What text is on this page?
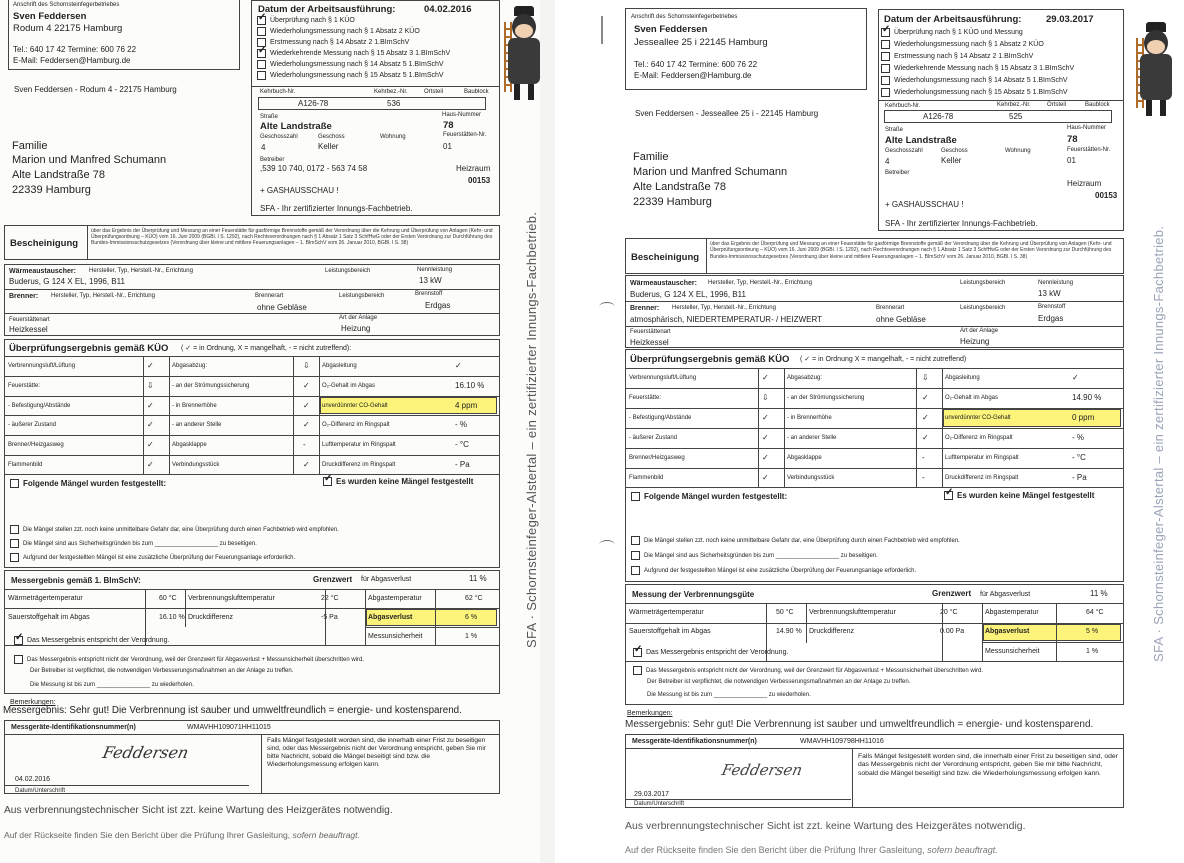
Anschrift des Schornsteinfegerbetriebes
Sven Feddersen
Rodum 4 22175 Hamburg
Tel.: 640 17 42 Termine: 600 76 22
E-Mail: Feddersen@Hamburg.de
Sven Feddersen - Rodum 4 - 22175 Hamburg
Familie
Marion und Manfred Schumann
Alte Landstraße 78
22339 Hamburg
Datum der Arbeitsausführung:	04.02.2016
✓Überprüfung nach § 1 KÜO
Wiederholungsmessung nach § 1 Absatz 2 KÜO
Erstmessung nach § 14 Absatz 2 1.BImSchV
✓Wiederkehrende Messung nach § 15 Absatz 3 1.BImSchV
Wiederholungsmessung nach § 14 Absatz 5 1.BImSchV
Wiederholungsmessung nach § 15 Absatz 5 1.BImSchV
Kehrbuch-Nr.	Kehrbez.-Nr.	Ortsteil	Baublock
A126-78	536
Straße	Haus-Nummer
Alte Landstraße	78
Geschosszahl	Geschoss	Wohnung	Feuerstätten-Nr.
4	Keller	01
Betreiber
,539 10 740, 0172 - 563 74 58	Heizraum
00153
+ GASHAUSSCHAU !
SFA - Ihr zertifizierter Innungs-Fachbetrieb.
Bescheinigung
über das Ergebnis der Überprüfung und Messung an einer Feuerstätte für gasförmige Brennstoffe gemäß der Verordnung über die Kehrung und Überprüfung von Anlagen (Kehr- und Überprüfungsordnung – KÜO) vom 16. Juni 2009 (BGBl. I S. 1292), nach Rechtsverordnungen nach § 1 Absatz 1 Satz 3 SchfHwG oder der Ersten Verordnung zur Durchführung des Bundes-Immissionsschutzgesetzes (Verordnung über kleine und mittlere Feuerungsanlagen – 1. BImSchV vom 26. Januar 2010, BGBl. I S. 38)
Wärmeaustauscher: Hersteller, Typ, Herstell.-Nr., Errichtung	Leistungsbereich	Nennleistung
Buderus, G 124 X EL, 1996, B11	13 kW
Brenner: Hersteller, Typ, Herstell.-Nr., Errichtung	Brennerart	Leistungsbereich	Brennstoff
ohne Gebläse	Erdgas
Feuerstättenart	Art der Anlage
Heizkessel	Heizung
Überprüfungsergebnis gemäß KÜO ( ✓ = in Ordnung, X = mangelhaft, - = nicht zutreffend):
Verbrennungsluft/Lüftung	✓	Abgasabzug:	⇩ Abgasleitung	✓
Feuerstätte:	⇩	- an der Strömungssicherung	✓ O₂-Gehalt im Abgas	16.10 %
- Befestigung/Abstände	✓	- in Brennerhöhe	✓ unverdünnter CO-Gehalt	4 ppm
- äußerer Zustand	✓	- an anderer Stelle	✓ O₂-Differenz im Ringspalt	- %
Brenner/Heizgasweg	✓	Abgasklappe	-	Lufttemperatur im Ringspalt	- °C
Flammenbild	✓	Verbindungsstück	✓ Druckdifferenz im Ringspalt	- Pa
Folgende Mängel wurden festgestellt: ✓	Es wurden keine Mängel festgestellt
Die Mängel stellen zzt. noch keine unmittelbare Gefahr dar, eine Überprüfung durch einen Fachbetrieb wird empfohlen.
Die Mängel sind aus Sicherheitsgründen bis zum ___________________ zu beseitigen.
Aufgrund der festgestellten Mängel ist eine zusätzliche Überprüfung der Feuerungsanlage erforderlich.
Messergebnis gemäß 1. BImSchV:	Grenzwert für Abgasverlust	11 %
Wärmeträgertemperatur	60 °C Verbrennungslufttemperatur	22 °C	Abgastemperatur	62 °C
Sauerstoffgehalt im Abgas	16.10 % Druckdifferenz	-5 Pa	Abgasverlust	6 %
Messunsicherheit	1 %
✓Das Messergebnis entspricht der Verordnung.
Das Messergebnis entspricht nicht der Verordnung, weil der Grenzwert für Abgasverlust + Messunsicherheit überschritten wird.
Der Betreiber ist verpflichtet, die notwendigen Verbesserungsmaßnahmen an der Anlage zu treffen.
Die Messung ist bis zum ________________ zu wiederholen.
Bemerkungen:
Messergebnis: Sehr gut! Die Verbrennung ist sauber und umweltfreundlich = energie- und kostensparend.
Messgeräte-Identifikationsnummer(n)	WMAVHH109071HH11015
Falls Mängel festgestellt worden sind, die innerhalb einer Frist zu beseitigen sind, oder das Messergebnis nicht der Verordnung entspricht, geben Sie mir bitte Nachricht, sobald die Mängel beseitigt sind bzw. die Wiederholungsmessung erfolgen kann.
Feddersen
04.02.2016
Datum/Unterschrift
Aus verbrennungstechnischer Sicht ist zzt. keine Wartung des Heizgerätes notwendig.
Auf der Rückseite finden Sie den Bericht über die Prüfung Ihrer Gasleitung, sofern beauftragt.
SFA · Schornsteinfeger-Alstertal – ein zertifizierter Innungs-Fachbetrieb.
Anschrift des Schornsteinfegerbetriebes
Sven Feddersen
Jesseallee 25 i 22145 Hamburg
Tel.: 640 17 42 Termine: 600 76 22
E-Mail: Feddersen@Hamburg.de
Sven Feddersen - Jesseallee 25 i - 22145 Hamburg
Familie
Marion und Manfred Schumann
Alte Landstraße 78
22339 Hamburg
Datum der Arbeitsausführung:	29.03.2017
✓Überprüfung nach § 1 KÜO und Messung
Wiederholungsmessung nach § 1 Absatz 2 KÜO
Erstmessung nach § 14 Absatz 2 1.BImSchV
Wiederkehrende Messung nach § 15 Absatz 3 1.BImSchV
Wiederholungsmessung nach § 14 Absatz 5 1.BImSchV
Wiederholungsmessung nach § 15 Absatz 5 1.BImSchV
Kehrbuch-Nr.	Kehrbez.-Nr.	Ortsteil	Baublock
A126-78	525
Straße	Haus-Nummer
Alte Landstraße	78
Geschosszahl	Geschoss	Wohnung	Feuerstätten-Nr.
4	Keller	01
Betreiber
Heizraum
00153
+ GASHAUSSCHAU !
SFA - Ihr zertifizierter Innungs-Fachbetrieb.
Bescheinigung
über das Ergebnis der Überprüfung und Messung an einer Feuerstätte für gasförmige Brennstoffe gemäß der Verordnung über die Kehrung und Überprüfung von Anlagen (Kehr- und Überprüfungsordnung – KÜO) vom 16. Juni 2009 (BGBl. I S. 1292), nach Rechtsverordnungen nach § 1 Absatz 1 Satz 3 SchfHwG oder der Ersten Verordnung zur Durchführung des Bundes-Immissionsschutzgesetzes (Verordnung über kleine und mittlere Feuerungsanlagen – 1. BImSchV vom 26. Januar 2010, BGBl. I S. 38)
Wärmeaustauscher: Hersteller, Typ, Herstell.-Nr., Errichtung	Leistungsbereich	Nennleistung
Buderus, G 124 X EL, 1996, B11	13 kW
Brenner: Hersteller, Typ, Herstell.-Nr., Errichtung	Brennerart	Leistungsbereich	Brennstoff
atmosphärisch, NIEDERTEMPERATUR- / HEIZWERT	ohne Gebläse	Erdgas
Feuerstättenart	Art der Anlage
Heizkessel	Heizung
Überprüfungsergebnis gemäß KÜO ( ✓ = in Ordnung X = mangelhaft, - = nicht zutreffend)
Verbrennungsluft/Lüftung	✓	Abgasabzug:	⇩	Abgasleitung	✓
Feuerstätte:	⇩	- an der Strömungssicherung	✓	O₂-Gehalt im Abgas	14.90 %
- Befestigung/Abstände	✓	- in Brennerhöhe	✓	unverdünnter CO-Gehalt	0 ppm
- äußerer Zustand	✓	- an anderer Stelle	✓	O₂-Differenz im Ringspalt	- %
Brenner/Heizgasweg	✓	Abgasklappe	-	Lufttemperatur im Ringspalt	- °C
Flammenbild	✓	Verbindungsstück	-	Druckdifferenz im Ringspalt	- Pa
Folgende Mängel wurden festgestellt: ✓	Es wurden keine Mängel festgestellt
Die Mängel stellen zzt. noch keine unmittelbare Gefahr dar, eine Überprüfung durch einen Fachbetrieb wird empfohlen.
Die Mängel sind aus Sicherheitsgründen bis zum ___________________ zu beseitigen.
Aufgrund der festgestellten Mängel ist eine zusätzliche Überprüfung der Feuerungsanlage erforderlich.
Messung der Verbrennungsgüte	Grenzwert für Abgasverlust	11 %
Wärmeträgertemperatur	50 °C Verbrennungslufttemperatur	20 °C	Abgastemperatur	64 °C
Sauerstoffgehalt im Abgas	14.90 % Druckdifferenz	0.00 Pa	Abgasverlust	5 %
Messunsicherheit	1 %
✓Das Messergebnis entspricht der Verordnung.
Das Messergebnis entspricht nicht der Verordnung, weil der Grenzwert für Abgasverlust + Messunsicherheit überschritten wird.
Der Betreiber ist verpflichtet, die notwendigen Verbesserungsmaßnahmen an der Anlage zu treffen.
Die Messung ist bis zum ________________ zu wiederholen.
Bemerkungen:
Messergebnis: Sehr gut! Die Verbrennung ist sauber und umweltfreundlich = energie- und kostensparend.
Messgeräte-Identifikationsnummer(n)	WMAVHH109798HH11016
Falls Mängel festgestellt worden sind, die innerhalb einer Frist zu beseitigen sind, oder das Messergebnis nicht der Verordnung entspricht, geben Sie mir bitte Nachricht, sobald die Mängel beseitigt sind bzw. die Wiederholungsmessung erfolgen kann.
Feddersen
29.03.2017
Datum/Unterschrift
Aus verbrennungstechnischer Sicht ist zzt. keine Wartung des Heizgerätes notwendig.
Auf der Rückseite finden Sie den Bericht über die Prüfung Ihrer Gasleitung, sofern beauftragt.
SFA · Schornsteinfeger-Alstertal – ein zertifizierter Innungs-Fachbetrieb.
